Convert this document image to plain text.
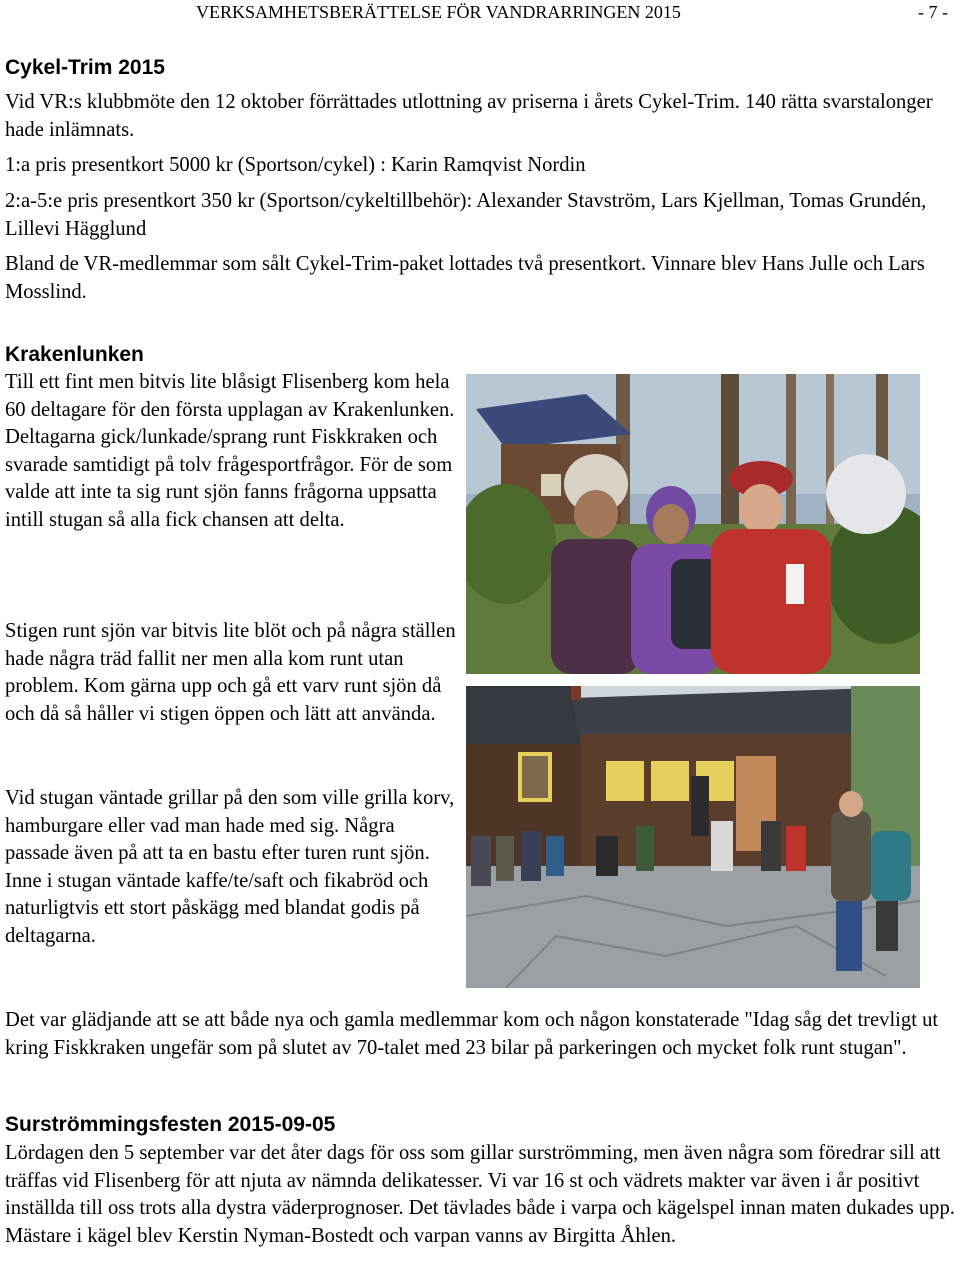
VERKSAMHETSBERÄTTELSE FÖR VANDRARRINGEN 2015	- 7 -
Cykel-Trim 2015

Vid VR:s klubbmöte den 12 oktober förrättades utlottning av priserna i årets Cykel-Trim. 140 rätta svarstalonger hade inlämnats.

1:a pris presentkort 5000 kr (Sportson/cykel) : Karin Ramqvist Nordin

2:a-5:e pris presentkort 350 kr (Sportson/cykeltillbehör): Alexander Stavström, Lars Kjellman, Tomas Grundén, Lillevi Hägglund

Bland de VR-medlemmar som sålt Cykel-Trim-paket lottades två presentkort. Vinnare blev Hans Julle och Lars Mosslind.

Krakenlunken

Till ett fint men bitvis lite blåsigt Flisenberg kom hela 60 deltagare för den första upplagan av Krakenlunken. Deltagarna gick/lunkade/sprang runt Fiskkraken och svarade samtidigt på tolv frågesportfrågor. För de som valde att inte ta sig runt sjön fanns frågorna uppsatta intill stugan så alla fick chansen att delta.

Stigen runt sjön var bitvis lite blöt och på några ställen hade några träd fallit ner men alla kom runt utan problem. Kom gärna upp och gå ett varv runt sjön då och då så håller vi stigen öppen och lätt att använda.

Vid stugan väntade grillar på den som ville grilla korv, hamburgare eller vad man hade med sig. Några passade även på att ta en bastu efter turen runt sjön. Inne i stugan väntade kaffe/te/saft och fikabröd och naturligtvis ett stort påskägg med blandat godis på deltagarna.

Det var glädjande att se att både nya och gamla medlemmar kom och någon konstaterade "Idag såg det trevligt ut kring Fiskkraken ungefär som på slutet av 70-talet med 23 bilar på parkeringen och mycket folk runt stugan".

Surströmmingsfesten 2015-09-05

Lördagen den 5 september var det åter dags för oss som gillar surströmming, men även några som föredrar sill att träffas vid Flisenberg för att njuta av nämnda delikatesser. Vi var 16 st och vädrets makter var även i år positivt inställda till oss trots alla dystra väderprognoser. Det tävlades både i varpa och kägelspel innan maten dukades upp. Mästare i kägel blev Kerstin Nyman-Bostedt och varpan vanns av Birgitta Åhlen.
